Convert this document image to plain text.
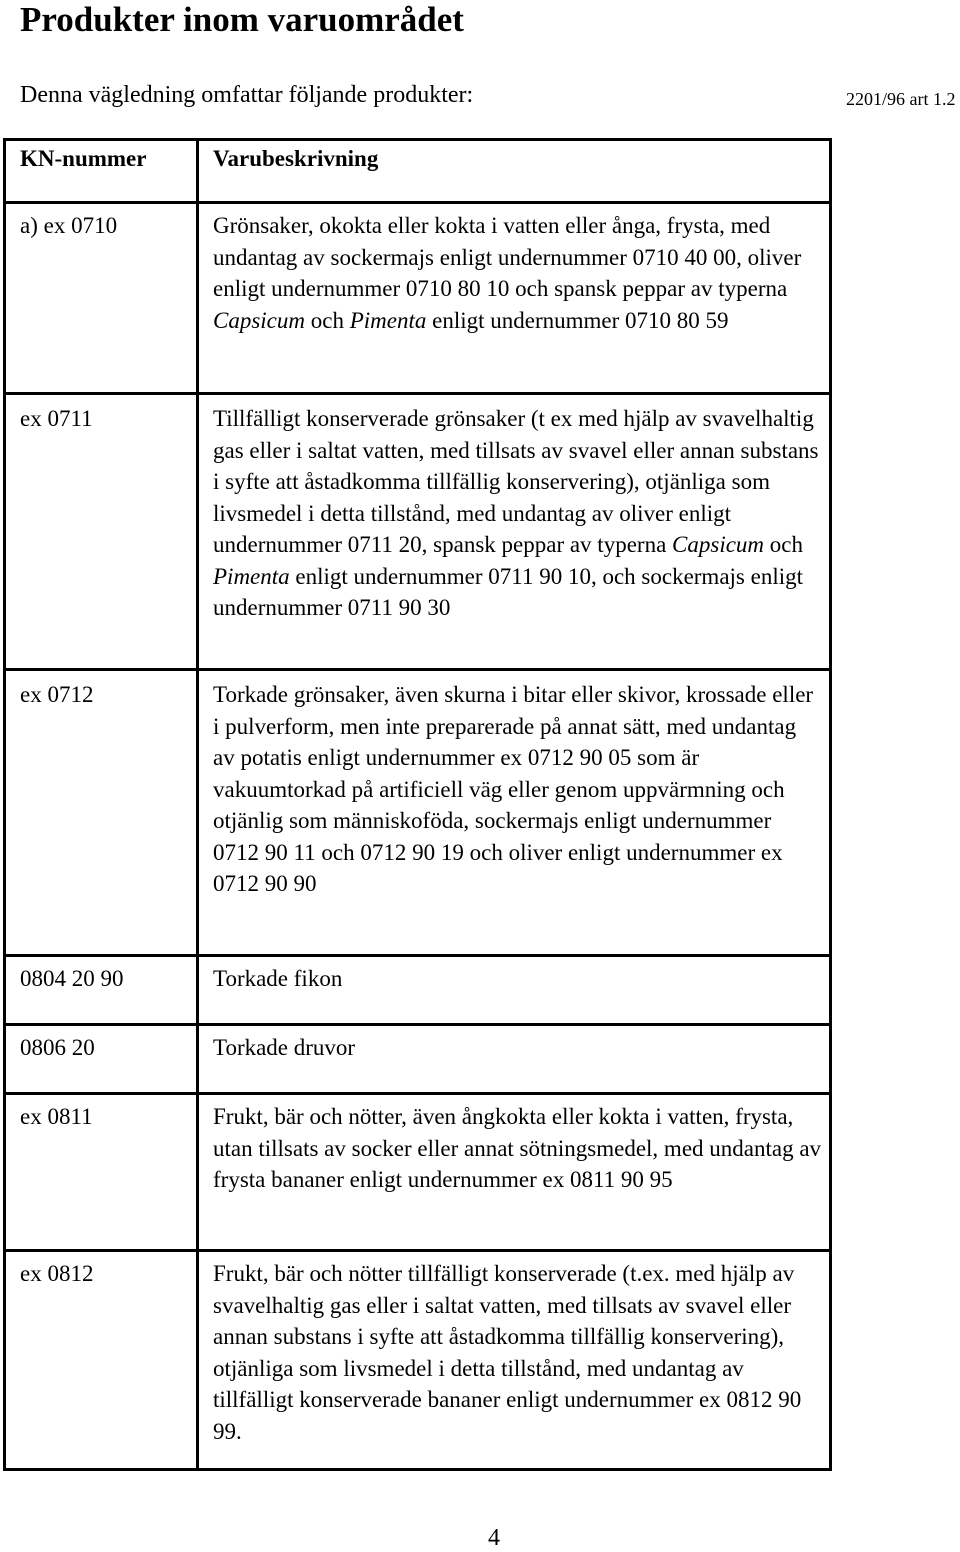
Produkter inom varuområdet
Denna vägledning omfattar följande produkter:	2201/96 art 1.2
KN-nummer	Varubeskrivning
a) ex 0710	Grönsaker, okokta eller kokta i vatten eller ånga, frysta, med undantag av sockermajs enligt undernummer 0710 40 00, oliver enligt undernummer 0710 80 10 och spansk peppar av typerna Capsicum och Pimenta enligt undernummer 0710 80 59
ex 0711	Tillfälligt konserverade grönsaker (t ex med hjälp av svavelhaltig gas eller i saltat vatten, med tillsats av svavel eller annan substans i syfte att åstadkomma tillfällig konservering), otjänliga som livsmedel i detta tillstånd, med undantag av oliver enligt undernummer 0711 20, spansk peppar av typerna Capsicum och Pimenta enligt undernummer 0711 90 10, och sockermajs enligt undernummer 0711 90 30
ex 0712	Torkade grönsaker, även skurna i bitar eller skivor, krossade eller i pulverform, men inte preparerade på annat sätt, med undantag av potatis enligt undernummer ex 0712 90 05 som är vakuumtorkad på artificiell väg eller genom uppvärmning och otjänlig som människoföda, sockermajs enligt undernummer 0712 90 11 och 0712 90 19 och oliver enligt undernummer ex 0712 90 90
0804 20 90	Torkade fikon
0806 20	Torkade druvor
ex 0811	Frukt, bär och nötter, även ångkokta eller kokta i vatten, frysta, utan tillsats av socker eller annat sötningsmedel, med undantag av frysta bananer enligt undernummer ex 0811 90 95
ex 0812	Frukt, bär och nötter tillfälligt konserverade (t.ex. med hjälp av svavelhaltig gas eller i saltat vatten, med tillsats av svavel eller annan substans i syfte att åstadkomma tillfällig konservering), otjänliga som livsmedel i detta tillstånd, med undantag av tillfälligt konserverade bananer enligt undernummer ex 0812 90 99.
4
